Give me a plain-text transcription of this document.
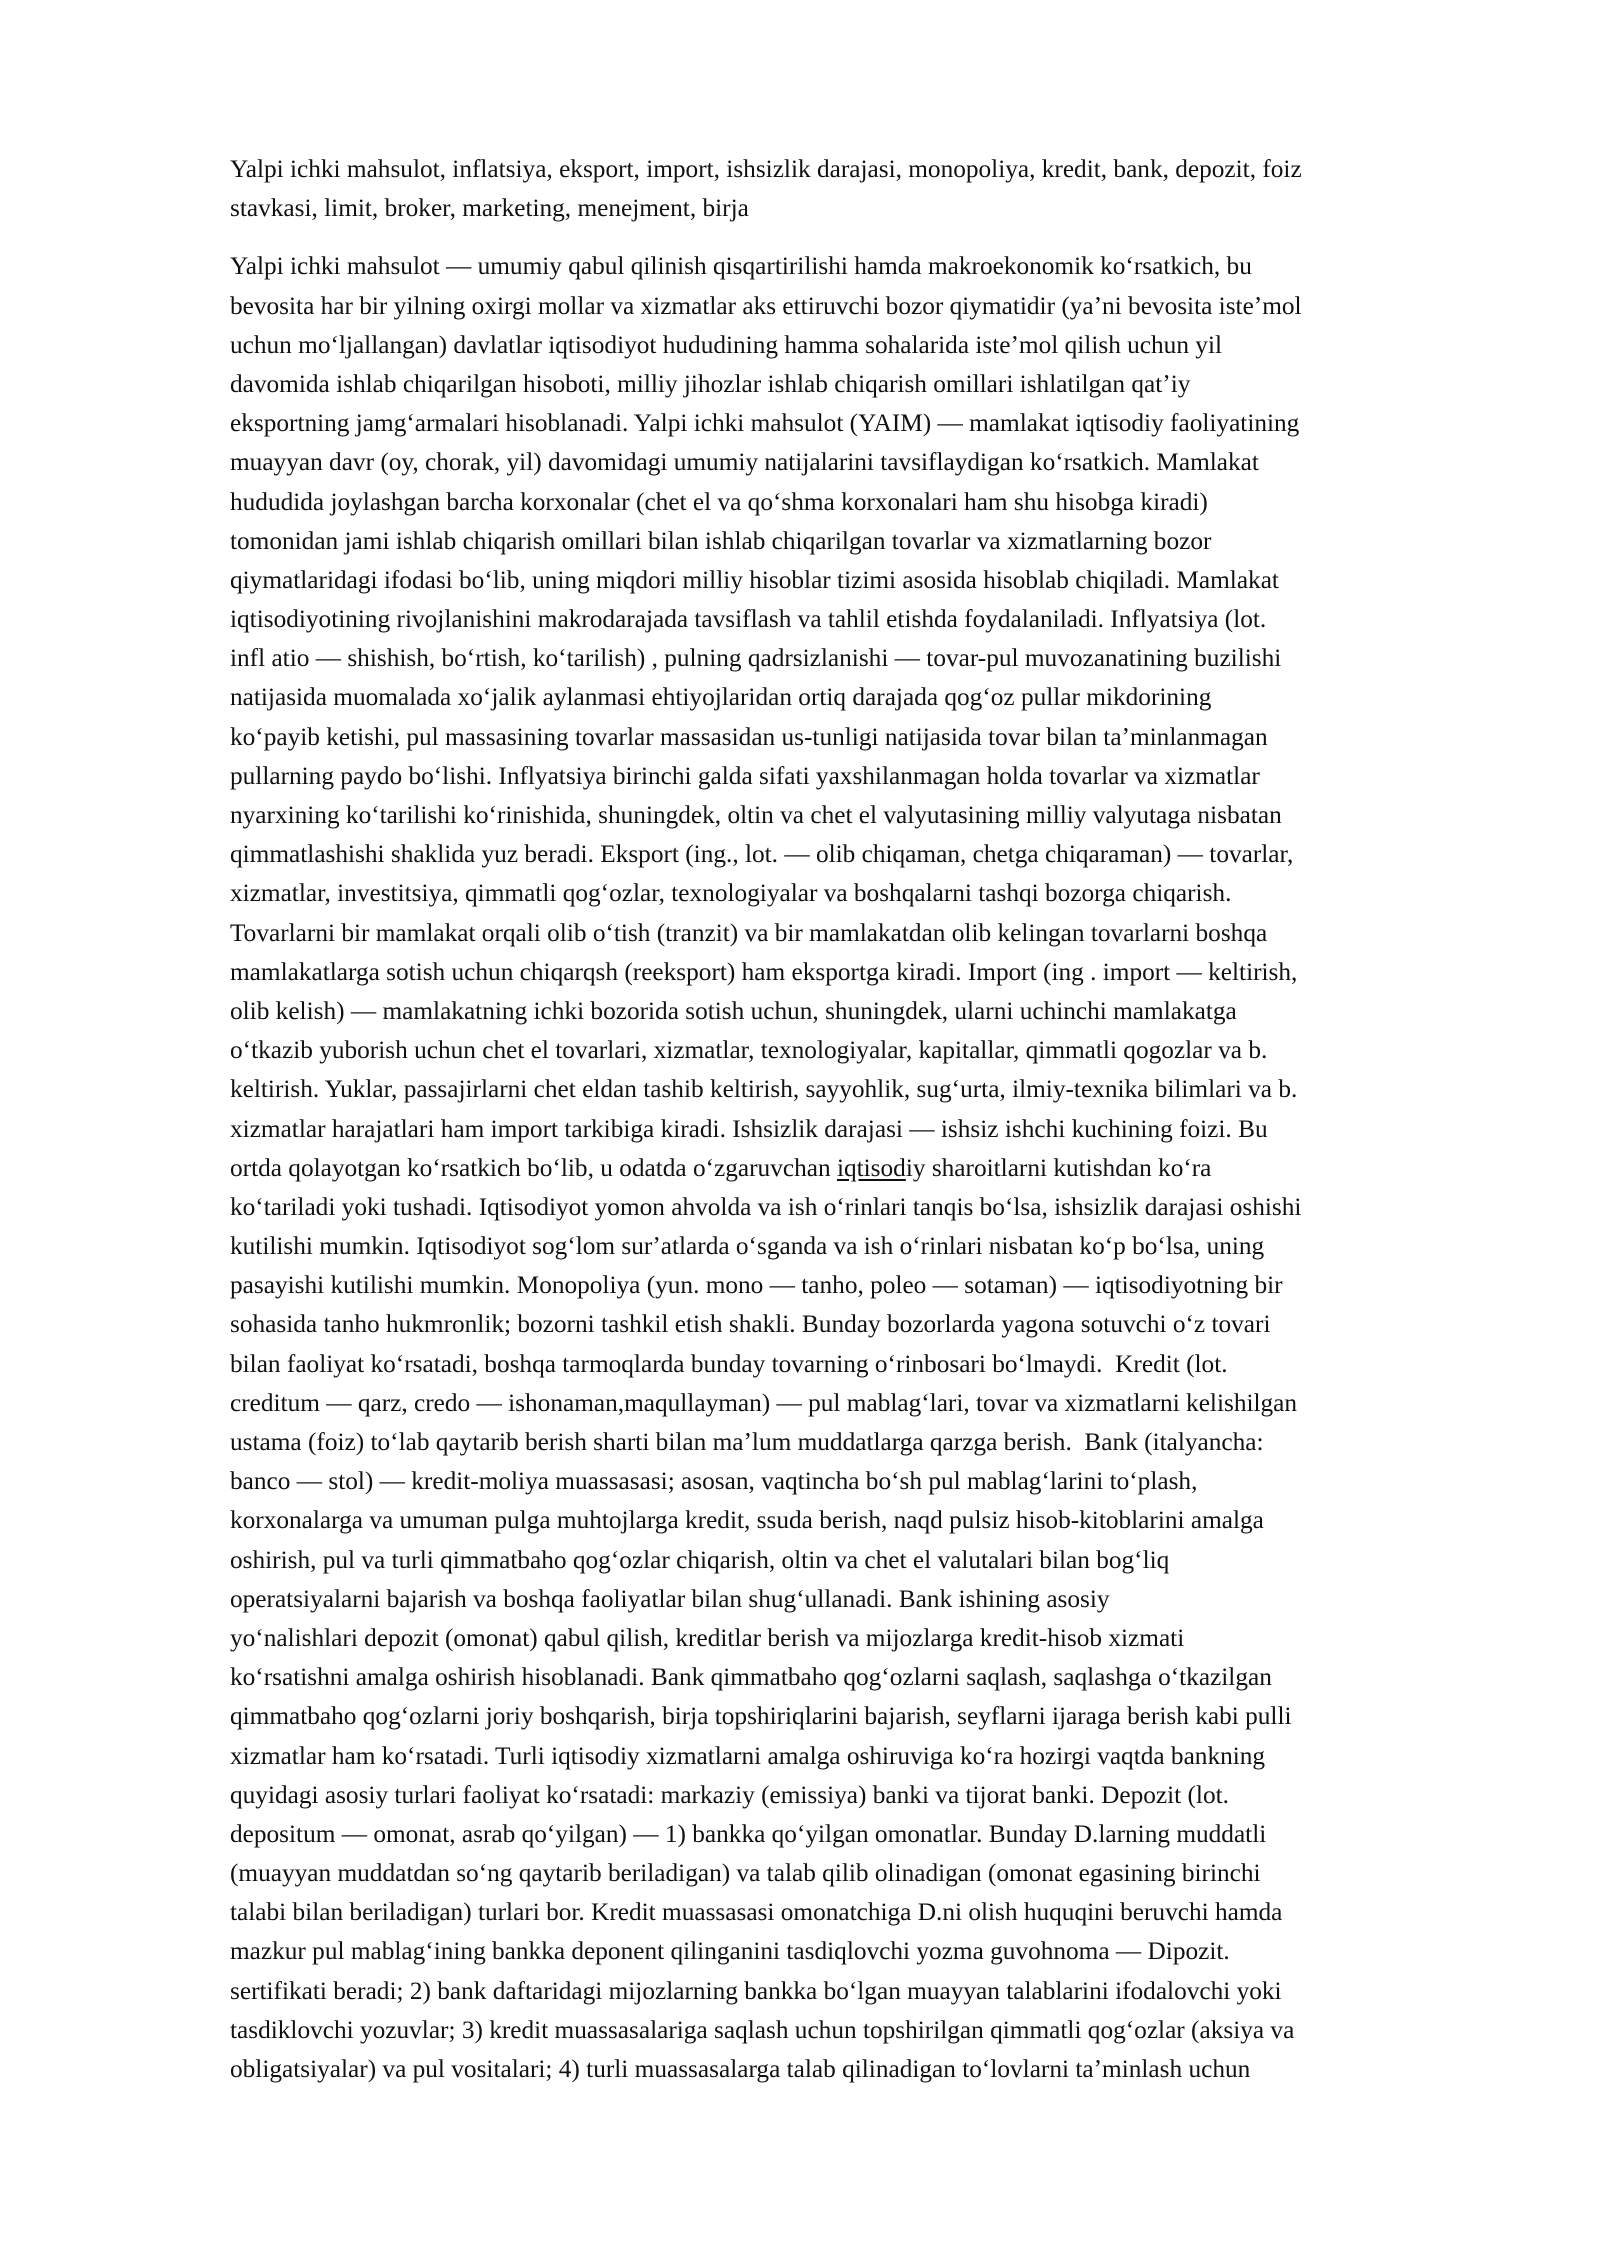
Yalpi ichki mahsulot, inflatsiya, eksport, import, ishsizlik darajasi, monopoliya, kredit, bank, depozit, foiz
stavkasi, limit, broker, marketing, menejment, birja
Yalpi ichki mahsulot — umumiy qabul qilinish qisqartirilishi hamda makroekonomik koʻrsatkich, bu
bevosita har bir yilning oxirgi mollar va xizmatlar aks ettiruvchi bozor qiymatidir (yaʼni bevosita isteʼmol
uchun moʻljallangan) davlatlar iqtisodiyot hududining hamma sohalarida isteʼmol qilish uchun yil
davomida ishlab chiqarilgan hisoboti, milliy jihozlar ishlab chiqarish omillari ishlatilgan qatʼiy
eksportning jamgʻarmalari hisoblanadi. Yalpi ichki mahsulot (YAIM) — mamlakat iqtisodiy faoliyatining
muayyan davr (oy, chorak, yil) davomidagi umumiy natijalarini tavsiflaydigan koʻrsatkich. Mamlakat
hududida joylashgan barcha korxonalar (chet el va qoʻshma korxonalari ham shu hisobga kiradi)
tomonidan jami ishlab chiqarish omillari bilan ishlab chiqarilgan tovarlar va xizmatlarning bozor
qiymatlaridagi ifodasi boʻlib, uning miqdori milliy hisoblar tizimi asosida hisoblab chiqiladi. Mamlakat
iqtisodiyotining rivojlanishini makrodarajada tavsiflash va tahlil etishda foydalaniladi. Inflyatsiya (lot.
infl atio — shishish, boʻrtish, koʻtarilish) , pulning qadrsizlanishi — tovar-pul muvozanatining buzilishi
natijasida muomalada xoʻjalik aylanmasi ehtiyojlaridan ortiq darajada qogʻoz pullar mikdorining
koʻpayib ketishi, pul massasining tovarlar massasidan us-tunligi natijasida tovar bilan taʼminlanmagan
pullarning paydo boʻlishi. Inflyatsiya birinchi galda sifati yaxshilanmagan holda tovarlar va xizmatlar
nyarxining koʻtarilishi koʻrinishida, shuningdek, oltin va chet el valyutasining milliy valyutaga nisbatan
qimmatlashishi shaklida yuz beradi. Eksport (ing., lot. — olib chiqaman, chetga chiqaraman) — tovarlar,
xizmatlar, investitsiya, qimmatli qogʻozlar, texnologiyalar va boshqalarni tashqi bozorga chiqarish.
Tovarlarni bir mamlakat orqali olib oʻtish (tranzit) va bir mamlakatdan olib kelingan tovarlarni boshqa
mamlakatlarga sotish uchun chiqarqsh (reeksport) ham eksportga kiradi. Import (ing . import — keltirish,
olib kelish) — mamlakatning ichki bozorida sotish uchun, shuningdek, ularni uchinchi mamlakatga
oʻtkazib yuborish uchun chet el tovarlari, xizmatlar, texnologiyalar, kapitallar, qimmatli qogozlar va b.
keltirish. Yuklar, passajirlarni chet eldan tashib keltirish, sayyohlik, sugʻurta, ilmiy-texnika bilimlari va b.
xizmatlar harajatlari ham import tarkibiga kiradi. Ishsizlik darajasi — ishsiz ishchi kuchining foizi. Bu
ortda qolayotgan koʻrsatkich boʻlib, u odatda oʻzgaruvchan iqtisodiy sharoitlarni kutishdan koʻra
koʻtariladi yoki tushadi. Iqtisodiyot yomon ahvolda va ish oʻrinlari tanqis boʻlsa, ishsizlik darajasi oshishi
kutilishi mumkin. Iqtisodiyot sogʻlom surʼatlarda oʻsganda va ish oʻrinlari nisbatan koʻp boʻlsa, uning
pasayishi kutilishi mumkin. Monopoliya (yun. mono — tanho, poleo — sotaman) — iqtisodiyotning bir
sohasida tanho hukmronlik; bozorni tashkil etish shakli. Bunday bozorlarda yagona sotuvchi oʻz tovari
bilan faoliyat koʻrsatadi, boshqa tarmoqlarda bunday tovarning oʻrinbosari boʻlmaydi.  Kredit (lot.
creditum — qarz, credo — ishonaman,maqullayman) — pul mablagʻlari, tovar va xizmatlarni kelishilgan
ustama (foiz) toʻlab qaytarib berish sharti bilan maʼlum muddatlarga qarzga berish.  Bank (italyancha:
banco — stol) — kredit-moliya muassasasi; asosan, vaqtincha boʻsh pul mablagʻlarini toʻplash,
korxonalarga va umuman pulga muhtojlarga kredit, ssuda berish, naqd pulsiz hisob-kitoblarini amalga
oshirish, pul va turli qimmatbaho qogʻozlar chiqarish, oltin va chet el valutalari bilan bogʻliq
operatsiyalarni bajarish va boshqa faoliyatlar bilan shugʻullanadi. Bank ishining asosiy
yoʻnalishlari depozit (omonat) qabul qilish, kreditlar berish va mijozlarga kredit-hisob xizmati
koʻrsatishni amalga oshirish hisoblanadi. Bank qimmatbaho qogʻozlarni saqlash, saqlashga oʻtkazilgan
qimmatbaho qogʻozlarni joriy boshqarish, birja topshiriqlarini bajarish, seyflarni ijaraga berish kabi pulli
xizmatlar ham koʻrsatadi. Turli iqtisodiy xizmatlarni amalga oshiruviga koʻra hozirgi vaqtda bankning
quyidagi asosiy turlari faoliyat koʻrsatadi: markaziy (emissiya) banki va tijorat banki. Depozit (lot.
depositum — omonat, asrab qoʻyilgan) — 1) bankka qoʻyilgan omonatlar. Bunday D.larning muddatli
(muayyan muddatdan soʻng qaytarib beriladigan) va talab qilib olinadigan (omonat egasining birinchi
talabi bilan beriladigan) turlari bor. Kredit muassasasi omonatchiga D.ni olish huquqini beruvchi hamda
mazkur pul mablagʻining bankka deponent qilinganini tasdiqlovchi yozma guvohnoma — Dipozit.
sertifikati beradi; 2) bank daftaridagi mijozlarning bankka boʻlgan muayyan talablarini ifodalovchi yoki
tasdiklovchi yozuvlar; 3) kredit muassasalariga saqlash uchun topshirilgan qimmatli qogʻozlar (aksiya va
obligatsiyalar) va pul vositalari; 4) turli muassasalarga talab qilinadigan toʻlovlarni taʼminlash uchun
